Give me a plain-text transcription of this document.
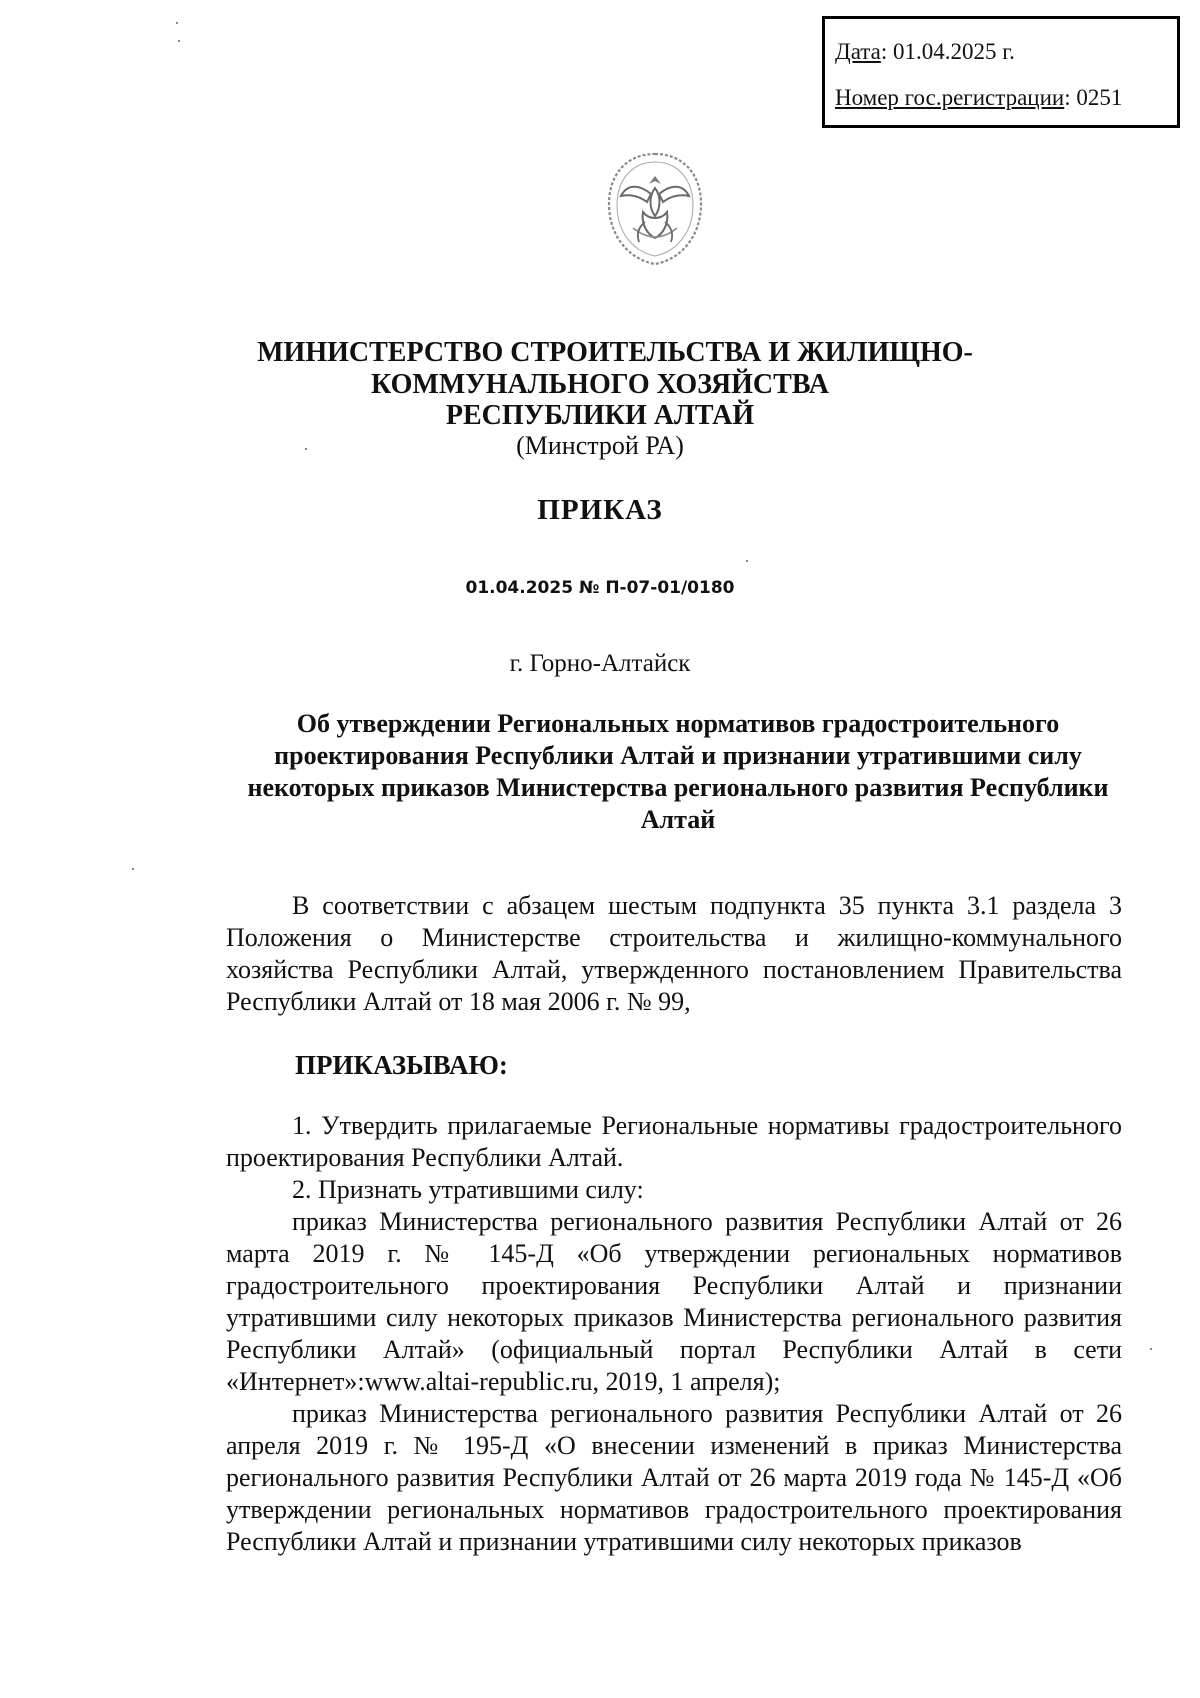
Дата: 01.04.2025 г.
Номер гос.регистрации: 0251
МИНИСТЕРСТВО СТРОИТЕЛЬСТВА И ЖИЛИЩНО-
КОММУНАЛЬНОГО ХОЗЯЙСТВА
РЕСПУБЛИКИ АЛТАЙ
(Минстрой РА)
ПРИКАЗ
01.04.2025 № П-07-01/0180
г. Горно-Алтайск
Об утверждении Региональных нормативов градостроительного проектирования Республики Алтай и признании утратившими силу некоторых приказов Министерства регионального развития Республики Алтай
В соответствии с абзацем шестым подпункта 35 пункта 3.1 раздела 3 Положения о Министерстве строительства и жилищно-коммунального хозяйства Республики Алтай, утвержденного постановлением Правительства Республики Алтай от 18 мая 2006 г. № 99,
ПРИКАЗЫВАЮ:
1. Утвердить прилагаемые Региональные нормативы градостроительного проектирования Республики Алтай.
2. Признать утратившими силу:
приказ Министерства регионального развития Республики Алтай от 26 марта 2019 г. № 145-Д «Об утверждении региональных нормативов градостроительного проектирования Республики Алтай и признании утратившими силу некоторых приказов Министерства регионального развития Республики Алтай» (официальный портал Республики Алтай в сети «Интернет»:www.altai-republic.ru, 2019, 1 апреля);
приказ Министерства регионального развития Республики Алтай от 26 апреля 2019 г. № 195-Д «О внесении изменений в приказ Министерства регионального развития Республики Алтай от 26 марта 2019 года № 145-Д «Об утверждении региональных нормативов градостроительного проектирования Республики Алтай и признании утратившими силу некоторых приказов
